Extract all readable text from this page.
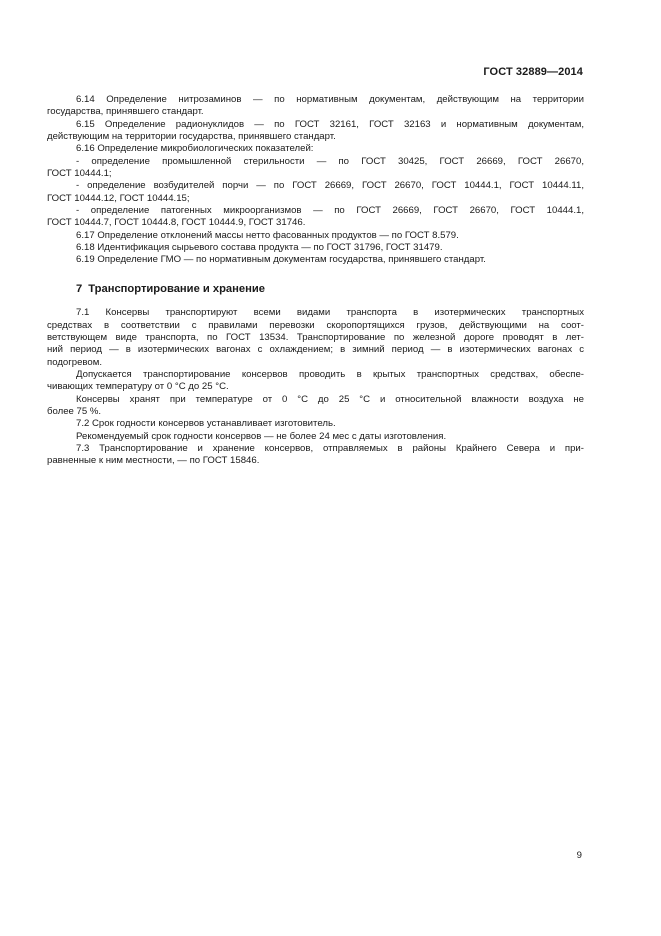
ГОСТ 32889—2014
6.14 Определение нитрозаминов — по нормативным документам, действующим на территории
государства, принявшего стандарт.
6.15 Определение радионуклидов — по ГОСТ 32161, ГОСТ 32163 и нормативным документам,
действующим на территории государства, принявшего стандарт.
6.16 Определение микробиологических показателей:
- определение промышленной стерильности — по ГОСТ 30425, ГОСТ 26669, ГОСТ 26670,
ГОСТ 10444.1;
- определение возбудителей порчи — по ГОСТ 26669, ГОСТ 26670, ГОСТ 10444.1, ГОСТ 10444.11,
ГОСТ 10444.12, ГОСТ 10444.15;
- определение патогенных микроорганизмов — по ГОСТ 26669, ГОСТ 26670, ГОСТ 10444.1,
ГОСТ 10444.7, ГОСТ 10444.8, ГОСТ 10444.9, ГОСТ 31746.
6.17 Определение отклонений массы нетто фасованных продуктов — по ГОСТ 8.579.
6.18 Идентификация сырьевого состава продукта — по ГОСТ 31796, ГОСТ 31479.
6.19 Определение ГМО — по нормативным документам государства, принявшего стандарт.
7 Транспортирование и хранение
7.1 Консервы транспортируют всеми видами транспорта в изотермических транспортных
средствах в соответствии с правилами перевозки скоропортящихся грузов, действующими на соот-
ветствующем виде транспорта, по ГОСТ 13534. Транспортирование по железной дороге проводят в лет-
ний период — в изотермических вагонах с охлаждением; в зимний период — в изотермических вагонах с
подогревом.
Допускается транспортирование консервов проводить в крытых транспортных средствах, обеспе-
чивающих температуру от 0 °С до 25 °С.
Консервы хранят при температуре от 0 °С до 25 °С и относительной влажности воздуха не
более 75 %.
7.2 Срок годности консервов устанавливает изготовитель.
Рекомендуемый срок годности консервов — не более 24 мес с даты изготовления.
7.3 Транспортирование и хранение консервов, отправляемых в районы Крайнего Севера и при-
равненные к ним местности, — по ГОСТ 15846.
9
